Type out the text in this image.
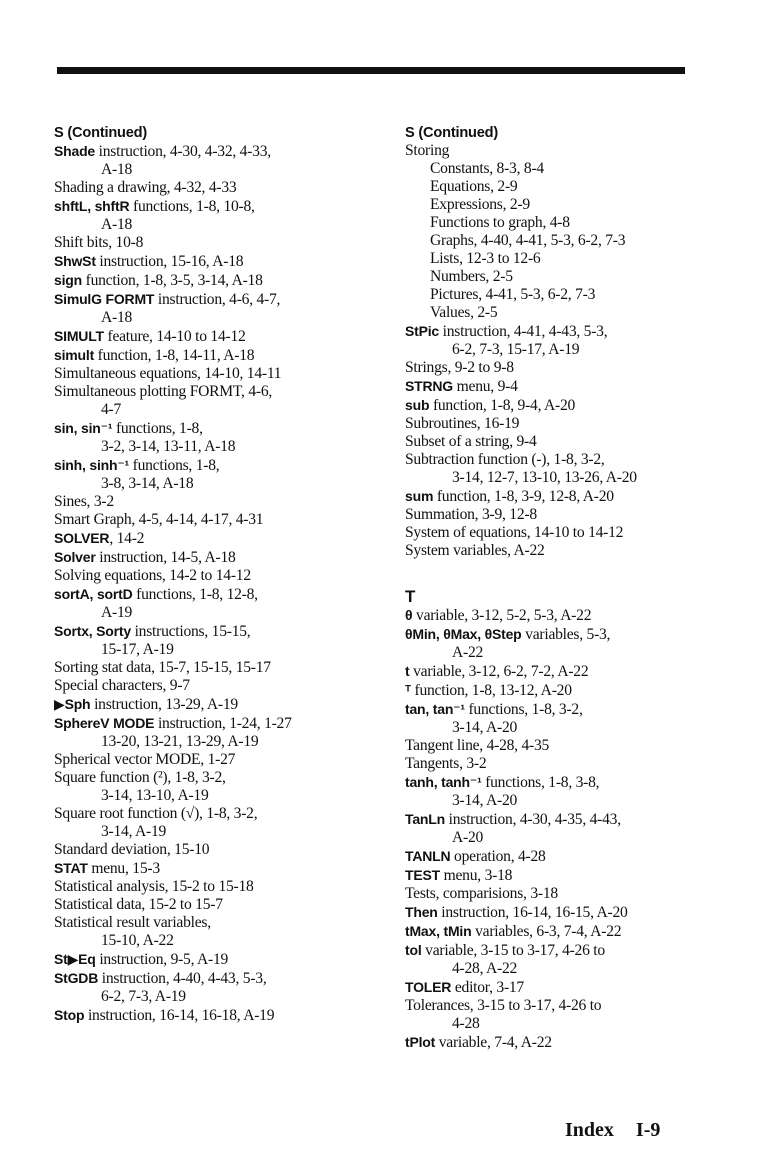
S (Continued)
Shade instruction, 4-30, 4-32, 4-33,
A-18
Shading a drawing, 4-32, 4-33
shftL, shftR functions, 1-8, 10-8,
A-18
Shift bits, 10-8
ShwSt instruction, 15-16, A-18
sign function, 1-8, 3-5, 3-14, A-18
SimulG FORMT instruction, 4-6, 4-7,
A-18
SIMULT feature, 14-10 to 14-12
simult function, 1-8, 14-11, A-18
Simultaneous equations, 14-10, 14-11
Simultaneous plotting FORMT, 4-6,
4-7
sin, sin⁻¹ functions, 1-8,
3-2, 3-14, 13-11, A-18
sinh, sinh⁻¹ functions, 1-8,
3-8, 3-14, A-18
Sines, 3-2
Smart Graph, 4-5, 4-14, 4-17, 4-31
SOLVER, 14-2
Solver instruction, 14-5, A-18
Solving equations, 14-2 to 14-12
sortA, sortD functions, 1-8, 12-8,
A-19
Sortx, Sorty instructions, 15-15,
15-17, A-19
Sorting stat data, 15-7, 15-15, 15-17
Special characters, 9-7
▶Sph instruction, 13-29, A-19
SphereV MODE instruction, 1-24, 1-27
13-20, 13-21, 13-29, A-19
Spherical vector MODE, 1-27
Square function (²), 1-8, 3-2,
3-14, 13-10, A-19
Square root function (√), 1-8, 3-2,
3-14, A-19
Standard deviation, 15-10
STAT menu, 15-3
Statistical analysis, 15-2 to 15-18
Statistical data, 15-2 to 15-7
Statistical result variables,
15-10, A-22
St▶Eq instruction, 9-5, A-19
StGDB instruction, 4-40, 4-43, 5-3,
6-2, 7-3, A-19
Stop instruction, 16-14, 16-18, A-19
S (Continued)
Storing
Constants, 8-3, 8-4
Equations, 2-9
Expressions, 2-9
Functions to graph, 4-8
Graphs, 4-40, 4-41, 5-3, 6-2, 7-3
Lists, 12-3 to 12-6
Numbers, 2-5
Pictures, 4-41, 5-3, 6-2, 7-3
Values, 2-5
StPic instruction, 4-41, 4-43, 5-3,
6-2, 7-3, 15-17, A-19
Strings, 9-2 to 9-8
STRNG menu, 9-4
sub function, 1-8, 9-4, A-20
Subroutines, 16-19
Subset of a string, 9-4
Subtraction function (-), 1-8, 3-2,
3-14, 12-7, 13-10, 13-26, A-20
sum function, 1-8, 3-9, 12-8, A-20
Summation, 3-9, 12-8
System of equations, 14-10 to 14-12
System variables, A-22
T
θ variable, 3-12, 5-2, 5-3, A-22
θMin, θMax, θStep variables, 5-3,
A-22
t variable, 3-12, 6-2, 7-2, A-22
ᵀ function, 1-8, 13-12, A-20
tan, tan⁻¹ functions, 1-8, 3-2,
3-14, A-20
Tangent line, 4-28, 4-35
Tangents, 3-2
tanh, tanh⁻¹ functions, 1-8, 3-8,
3-14, A-20
TanLn instruction, 4-30, 4-35, 4-43,
A-20
TANLN operation, 4-28
TEST menu, 3-18
Tests, comparisions, 3-18
Then instruction, 16-14, 16-15, A-20
tMax, tMin variables, 6-3, 7-4, A-22
tol variable, 3-15 to 3-17, 4-26 to
4-28, A-22
TOLER editor, 3-17
Tolerances, 3-15 to 3-17, 4-26 to
4-28
tPlot variable, 7-4, A-22
Index I-9
